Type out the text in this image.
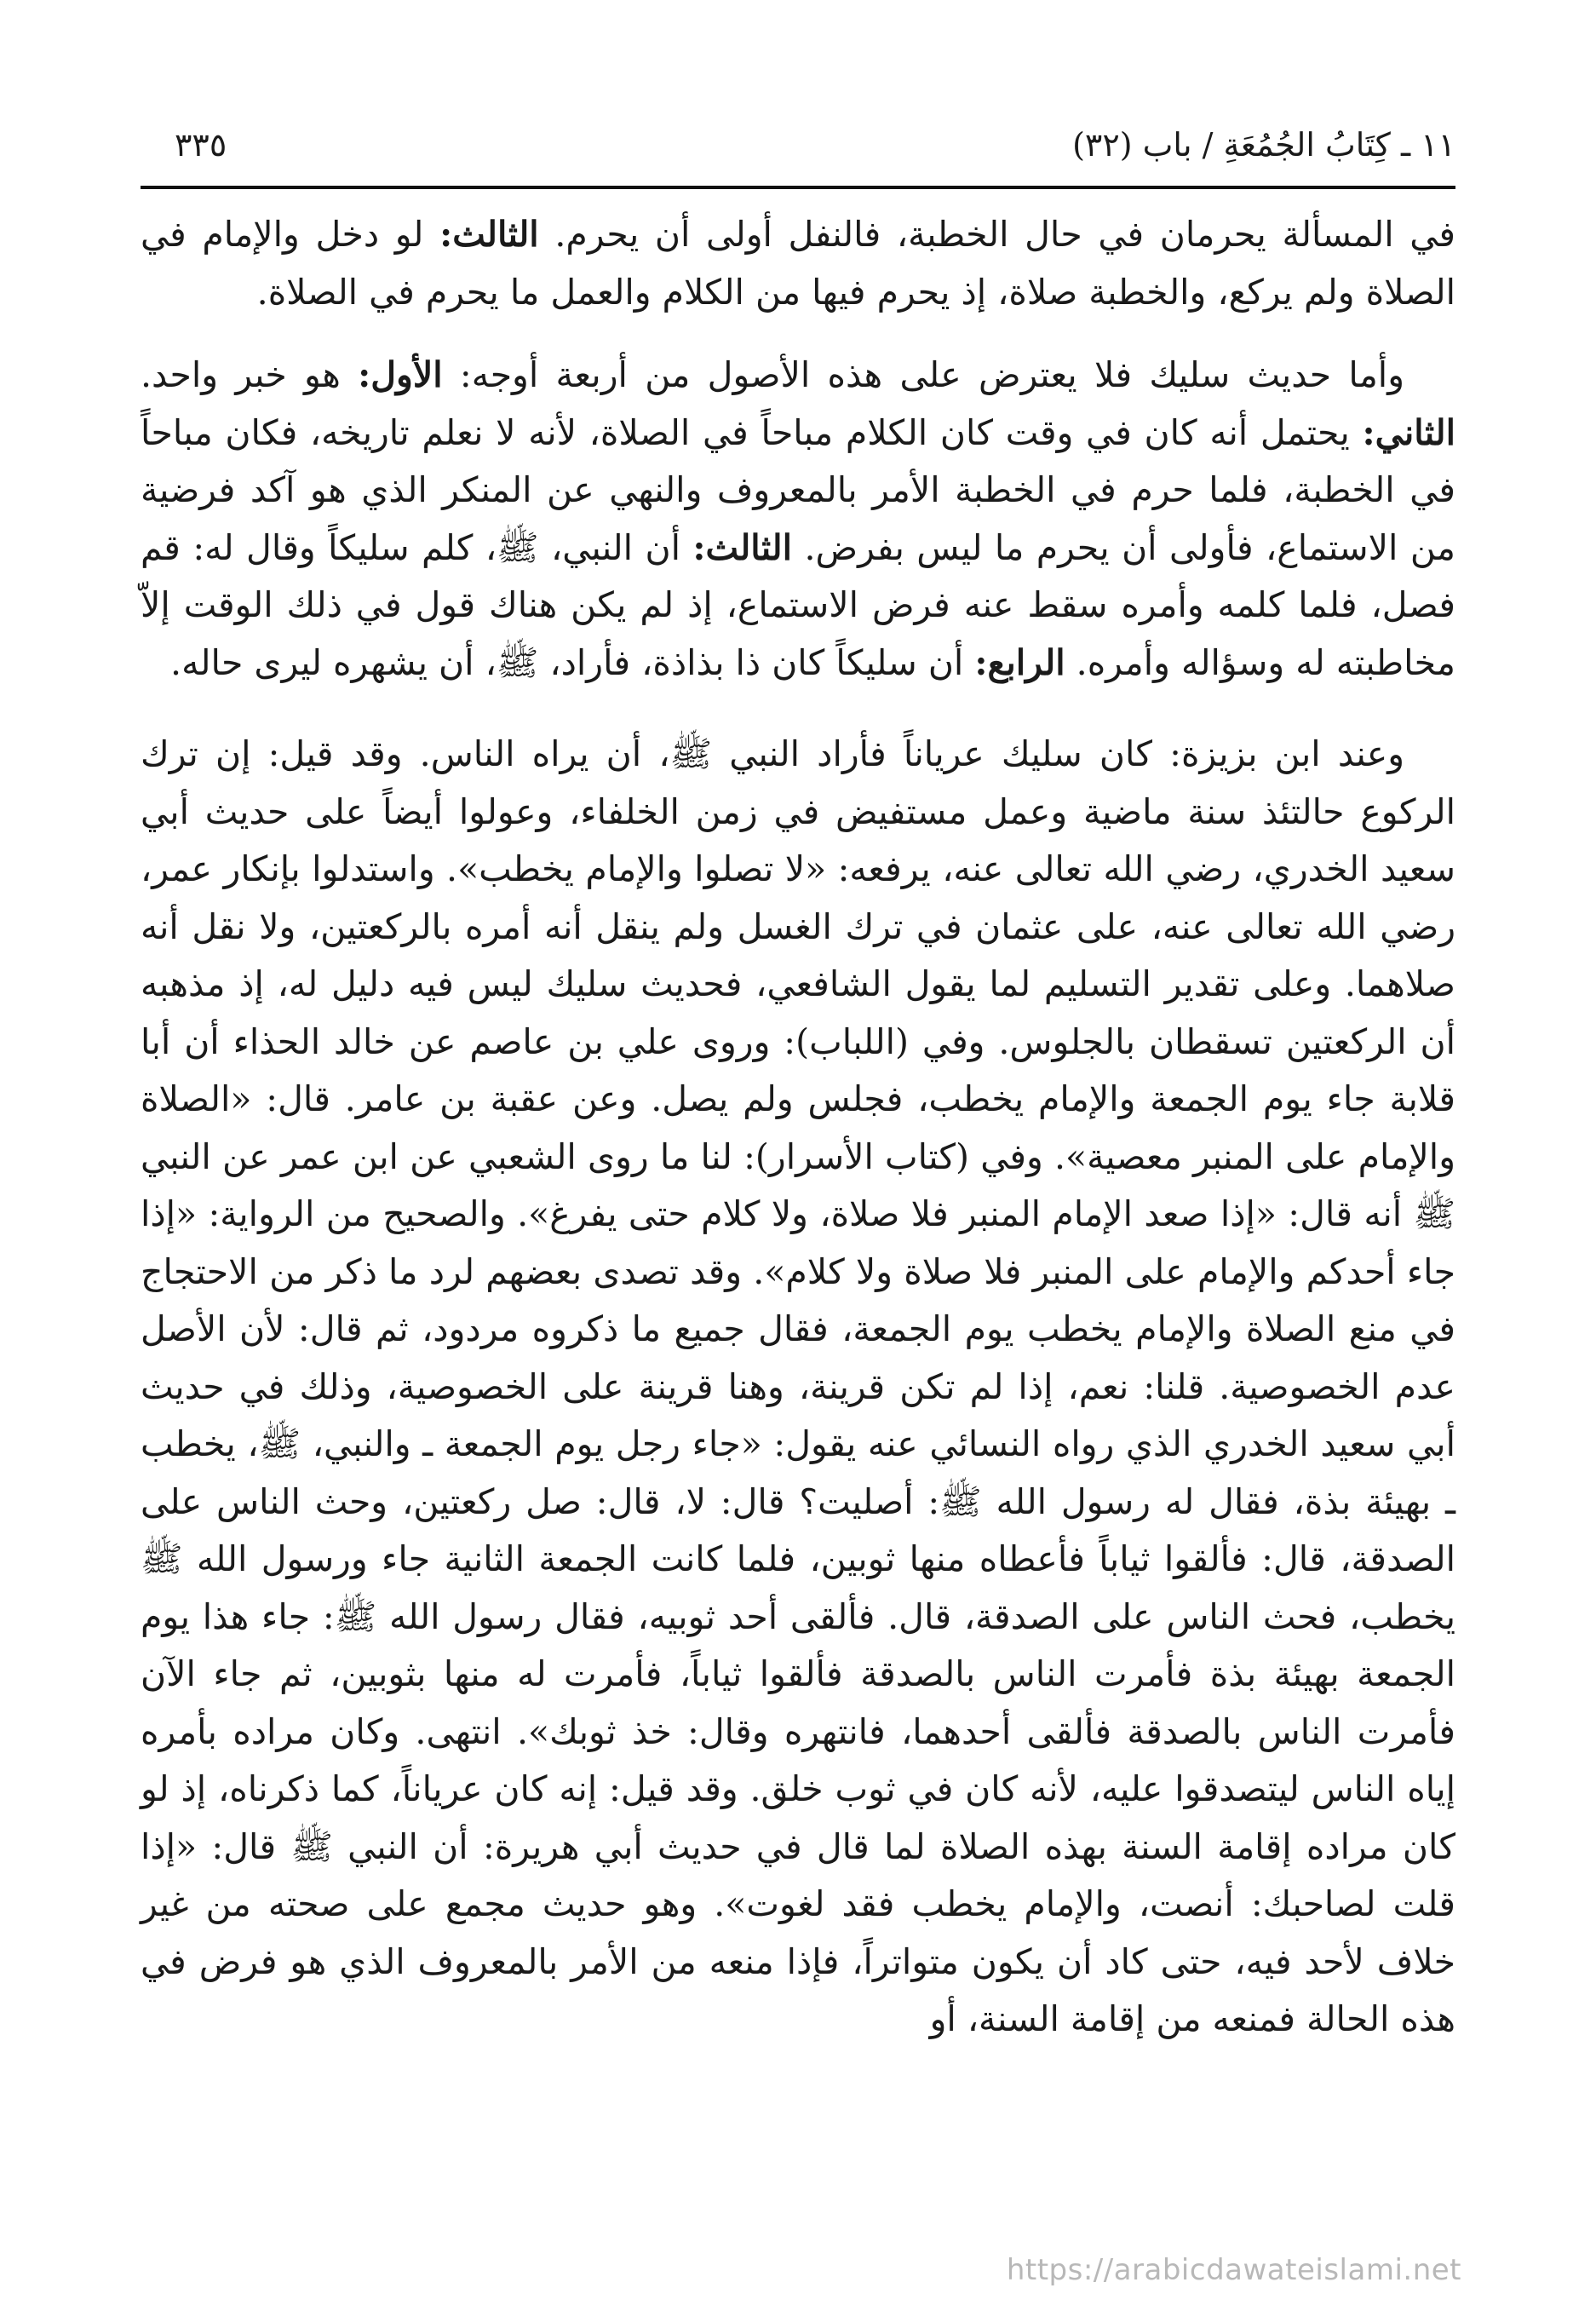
١١ ـ كِتَابُ الجُمُعَةِ / باب (٣٢)
٣٣٥

في المسألة يحرمان في حال الخطبة، فالنفل أولى أن يحرم. الثالث: لو دخل والإمام في الصلاة ولم يركع، والخطبة صلاة، إذ يحرم فيها من الكلام والعمل ما يحرم في الصلاة.

وأما حديث سليك فلا يعترض على هذه الأصول من أربعة أوجه: الأول: هو خبر واحد. الثاني: يحتمل أنه كان في وقت كان الكلام مباحاً في الصلاة، لأنه لا نعلم تاريخه، فكان مباحاً في الخطبة، فلما حرم في الخطبة الأمر بالمعروف والنهي عن المنكر الذي هو آكد فرضية من الاستماع، فأولى أن يحرم ما ليس بفرض. الثالث: أن النبي، ﷺ، كلم سليكاً وقال له: قم فصل، فلما كلمه وأمره سقط عنه فرض الاستماع، إذ لم يكن هناك قول في ذلك الوقت إلاّ مخاطبته له وسؤاله وأمره. الرابع: أن سليكاً كان ذا بذاذة، فأراد، ﷺ، أن يشهره ليرى حاله.

وعند ابن بزيزة: كان سليك عرياناً فأراد النبي ﷺ، أن يراه الناس. وقد قيل: إن ترك الركوع حالتئذ سنة ماضية وعمل مستفيض في زمن الخلفاء، وعولوا أيضاً على حديث أبي سعيد الخدري، رضي الله تعالى عنه، يرفعه: «لا تصلوا والإمام يخطب». واستدلوا بإنكار عمر، رضي الله تعالى عنه، على عثمان في ترك الغسل ولم ينقل أنه أمره بالركعتين، ولا نقل أنه صلاهما. وعلى تقدير التسليم لما يقول الشافعي، فحديث سليك ليس فيه دليل له، إذ مذهبه أن الركعتين تسقطان بالجلوس. وفي (اللباب): وروى علي بن عاصم عن خالد الحذاء أن أبا قلابة جاء يوم الجمعة والإمام يخطب، فجلس ولم يصل. وعن عقبة بن عامر. قال: «الصلاة والإمام على المنبر معصية». وفي (كتاب الأسرار): لنا ما روى الشعبي عن ابن عمر عن النبي ﷺ أنه قال: «إذا صعد الإمام المنبر فلا صلاة، ولا كلام حتى يفرغ». والصحيح من الرواية: «إذا جاء أحدكم والإمام على المنبر فلا صلاة ولا كلام». وقد تصدى بعضهم لرد ما ذكر من الاحتجاج في منع الصلاة والإمام يخطب يوم الجمعة، فقال جميع ما ذكروه مردود، ثم قال: لأن الأصل عدم الخصوصية. قلنا: نعم، إذا لم تكن قرينة، وهنا قرينة على الخصوصية، وذلك في حديث أبي سعيد الخدري الذي رواه النسائي عنه يقول: «جاء رجل يوم الجمعة ـ والنبي، ﷺ، يخطب ـ بهيئة بذة، فقال له رسول الله ﷺ: أصليت؟ قال: لا، قال: صل ركعتين، وحث الناس على الصدقة، قال: فألقوا ثياباً فأعطاه منها ثوبين، فلما كانت الجمعة الثانية جاء ورسول الله ﷺ يخطب، فحث الناس على الصدقة، قال. فألقى أحد ثوبيه، فقال رسول الله ﷺ: جاء هذا يوم الجمعة بهيئة بذة فأمرت الناس بالصدقة فألقوا ثياباً، فأمرت له منها بثوبين، ثم جاء الآن فأمرت الناس بالصدقة فألقى أحدهما، فانتهره وقال: خذ ثوبك». انتهى. وكان مراده بأمره إياه الناس ليتصدقوا عليه، لأنه كان في ثوب خلق. وقد قيل: إنه كان عرياناً، كما ذكرناه، إذ لو كان مراده إقامة السنة بهذه الصلاة لما قال في حديث أبي هريرة: أن النبي ﷺ قال: «إذا قلت لصاحبك: أنصت، والإمام يخطب فقد لغوت». وهو حديث مجمع على صحته من غير خلاف لأحد فيه، حتى كاد أن يكون متواتراً، فإذا منعه من الأمر بالمعروف الذي هو فرض في هذه الحالة فمنعه من إقامة السنة، أو

https://arabicdawateislami.net
